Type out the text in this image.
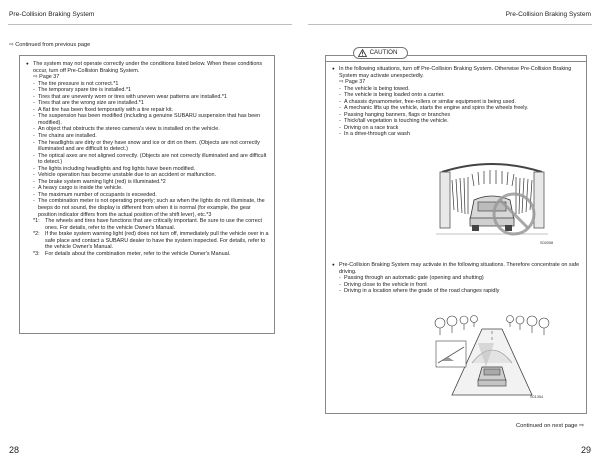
Pre-Collision Braking System	Pre-Collision Braking System
⇨ Continued from previous page
● The system may not operate correctly under the conditions listed below. When these conditions occur, turn off Pre-Collision Braking System.
⇨ Page 37
- The tire pressure is not correct.*1
- The temporary spare tire is installed.*1
- Tires that are unevenly worn or tires with uneven wear patterns are installed.*1
- Tires that are the wrong size are installed.*1
- A flat tire has been fixed temporarily with a tire repair kit.
- The suspension has been modified (including a genuine SUBARU suspension that has been modified).
- An object that obstructs the stereo camera's view is installed on the vehicle.
- Tire chains are installed.
- The headlights are dirty or they have snow and ice or dirt on them. (Objects are not correctly illuminated and are difficult to detect.)
- The optical axes are not aligned correctly. (Objects are not correctly illuminated and are difficult to detect.)
- The lights including headlights and fog lights have been modified.
- Vehicle operation has become unstable due to an accident or malfunction.
- The brake system warning light (red) is illuminated.*2
- A heavy cargo is inside the vehicle.
- The maximum number of occupants is exceeded.
- The combination meter is not operating properly; such as when the lights do not illuminate, the beeps do not sound, the display is different from when it is normal (for example, the gear position indicator differs from the actual position of the shift lever), etc.*3
*1: The wheels and tires have functions that are critically important. Be sure to use the correct ones. For details, refer to the vehicle Owner's Manual.
*2: If the brake system warning light (red) does not turn off, immediately pull the vehicle over in a safe place and contact a SUBARU dealer to have the system inspected. For details, refer to the vehicle Owner's Manual.
*3: For details about the combination meter, refer to the vehicle Owner's Manual.
28
CAUTION
● In the following situations, turn off Pre-Collision Braking System. Otherwise Pre-Collision Braking System may activate unexpectedly.
⇨ Page 37
- The vehicle is being towed.
- The vehicle is being loaded onto a carrier.
- A chassis dynamometer, free-rollers or similar equipment is being used.
- A mechanic lifts up the vehicle, starts the engine and spins the wheels freely.
- Passing hanging banners, flags or branches
- Thick/tall vegetation is touching the vehicle.
- Driving on a race track
- In a drive-through car wash
S00058
● Pre-Collision Braking System may activate in the following situations. Therefore concentrate on safe driving.
- Passing through an automatic gate (opening and shutting)
- Driving close to the vehicle in front
- Driving in a location where the grade of the road changes rapidly
S01354
Continued on next page ⇨
29
